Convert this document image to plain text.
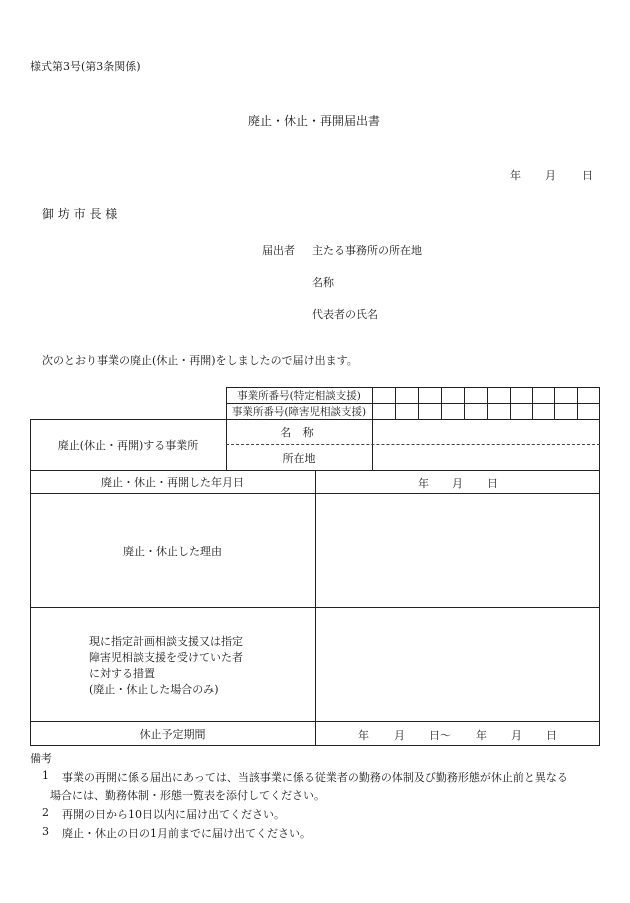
様式第3号(第3条関係)
廃止・休止・再開届出書
年 月 日
御 坊 市 長 様
届出者 主たる事務所の所在地
名称
代表者の氏名
次のとおり事業の廃止(休止・再開)をしましたので届け出ます。
事業所番号(特定相談支援)
事業所番号(障害児相談支援)
廃止(休止・再開)する事業所
名 称
所在地
廃止・休止・再開した年月日	年 月 日
廃止・休止した理由
現に指定計画相談支援又は指定
障害児相談支援を受けていた者
に対する措置
(廃止・休止した場合のみ)
休止予定期間	年 月 日〜 年 月 日
備考
1 事業の再開に係る届出にあっては、当該事業に係る従業者の勤務の体制及び勤務形態が休止前と異なる
場合には、勤務体制・形態一覧表を添付してください。
2 再開の日から10日以内に届け出てください。
3 廃止・休止の日の1月前までに届け出てください。
